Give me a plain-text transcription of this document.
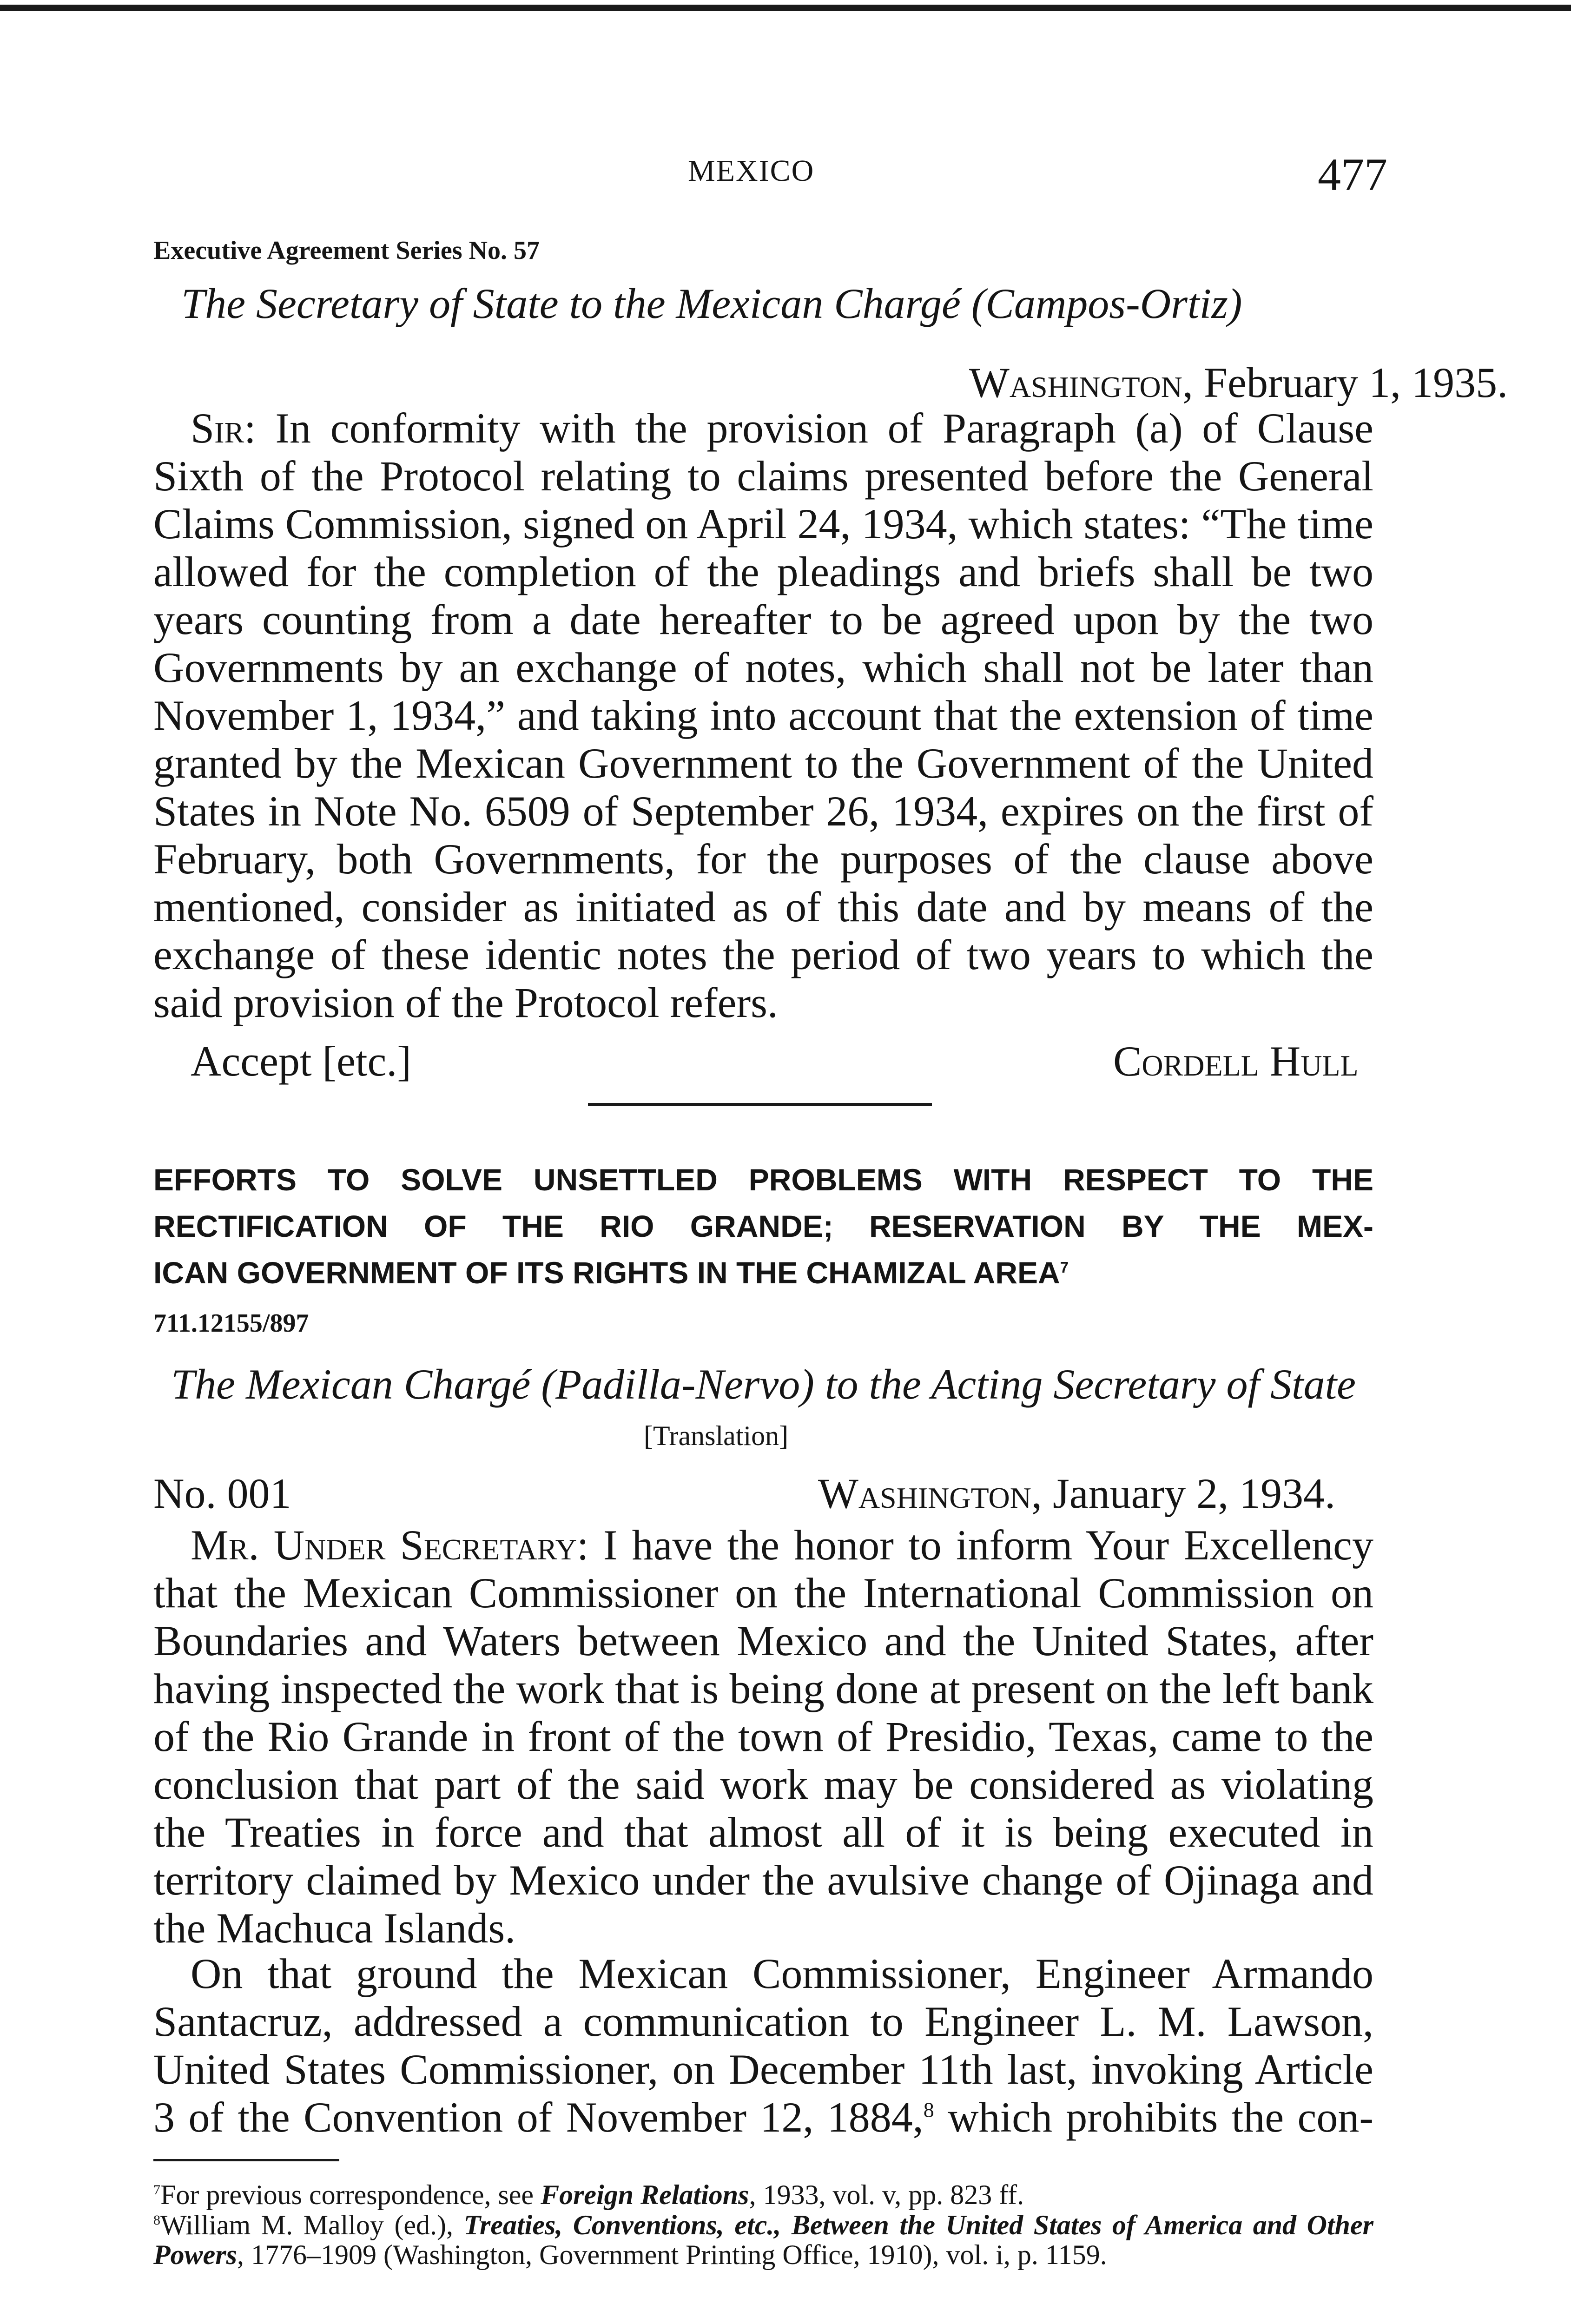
MEXICO	477
Executive Agreement Series No. 57
The Secretary of State to the Mexican Chargé (Campos-Ortiz)
Washington, February 1, 1935.
Sir: In conformity with the provision of Paragraph (a) of Clause Sixth of the Protocol relating to claims presented before the General Claims Commission, signed on April 24, 1934, which states: “The time allowed for the completion of the pleadings and briefs shall be two years counting from a date hereafter to be agreed upon by the two Governments by an exchange of notes, which shall not be later than November 1, 1934,” and taking into account that the extension of time granted by the Mexican Government to the Government of the United States in Note No. 6509 of September 26, 1934, expires on the first of February, both Governments, for the purposes of the clause above mentioned, consider as initiated as of this date and by means of the exchange of these identic notes the period of two years to which the said provision of the Protocol refers.
Accept [etc.]	Cordell Hull
EFFORTS TO SOLVE UNSETTLED PROBLEMS WITH RESPECT TO THE
RECTIFICATION OF THE RIO GRANDE; RESERVATION BY THE MEX-
ICAN GOVERNMENT OF ITS RIGHTS IN THE CHAMIZAL AREA$^7$
711.12155/897
The Mexican Chargé (Padilla-Nervo) to the Acting Secretary of State
[Translation]
No. 001	Washington, January 2, 1934.
Mr. Under Secretary: I have the honor to inform Your Excellency that the Mexican Commissioner on the International Commission on Boundaries and Waters between Mexico and the United States, after having inspected the work that is being done at present on the left bank of the Rio Grande in front of the town of Presidio, Texas, came to the conclusion that part of the said work may be considered as violating the Treaties in force and that almost all of it is being executed in territory claimed by Mexico under the avulsive change of Ojinaga and the Machuca Islands.
On that ground the Mexican Commissioner, Engineer Armando Santacruz, addressed a communication to Engineer L. M. Lawson, United States Commissioner, on December 11th last, invoking Article 3 of the Convention of November 12, 1884,$^8$ which prohibits the con-
$^7$For previous correspondence, see Foreign Relations, 1933, vol. v, pp. 823 ff.
$^8$William M. Malloy (ed.), Treaties, Conventions, etc., Between the United States of America and Other Powers, 1776–1909 (Washington, Government Printing Office, 1910), vol. i, p. 1159.
